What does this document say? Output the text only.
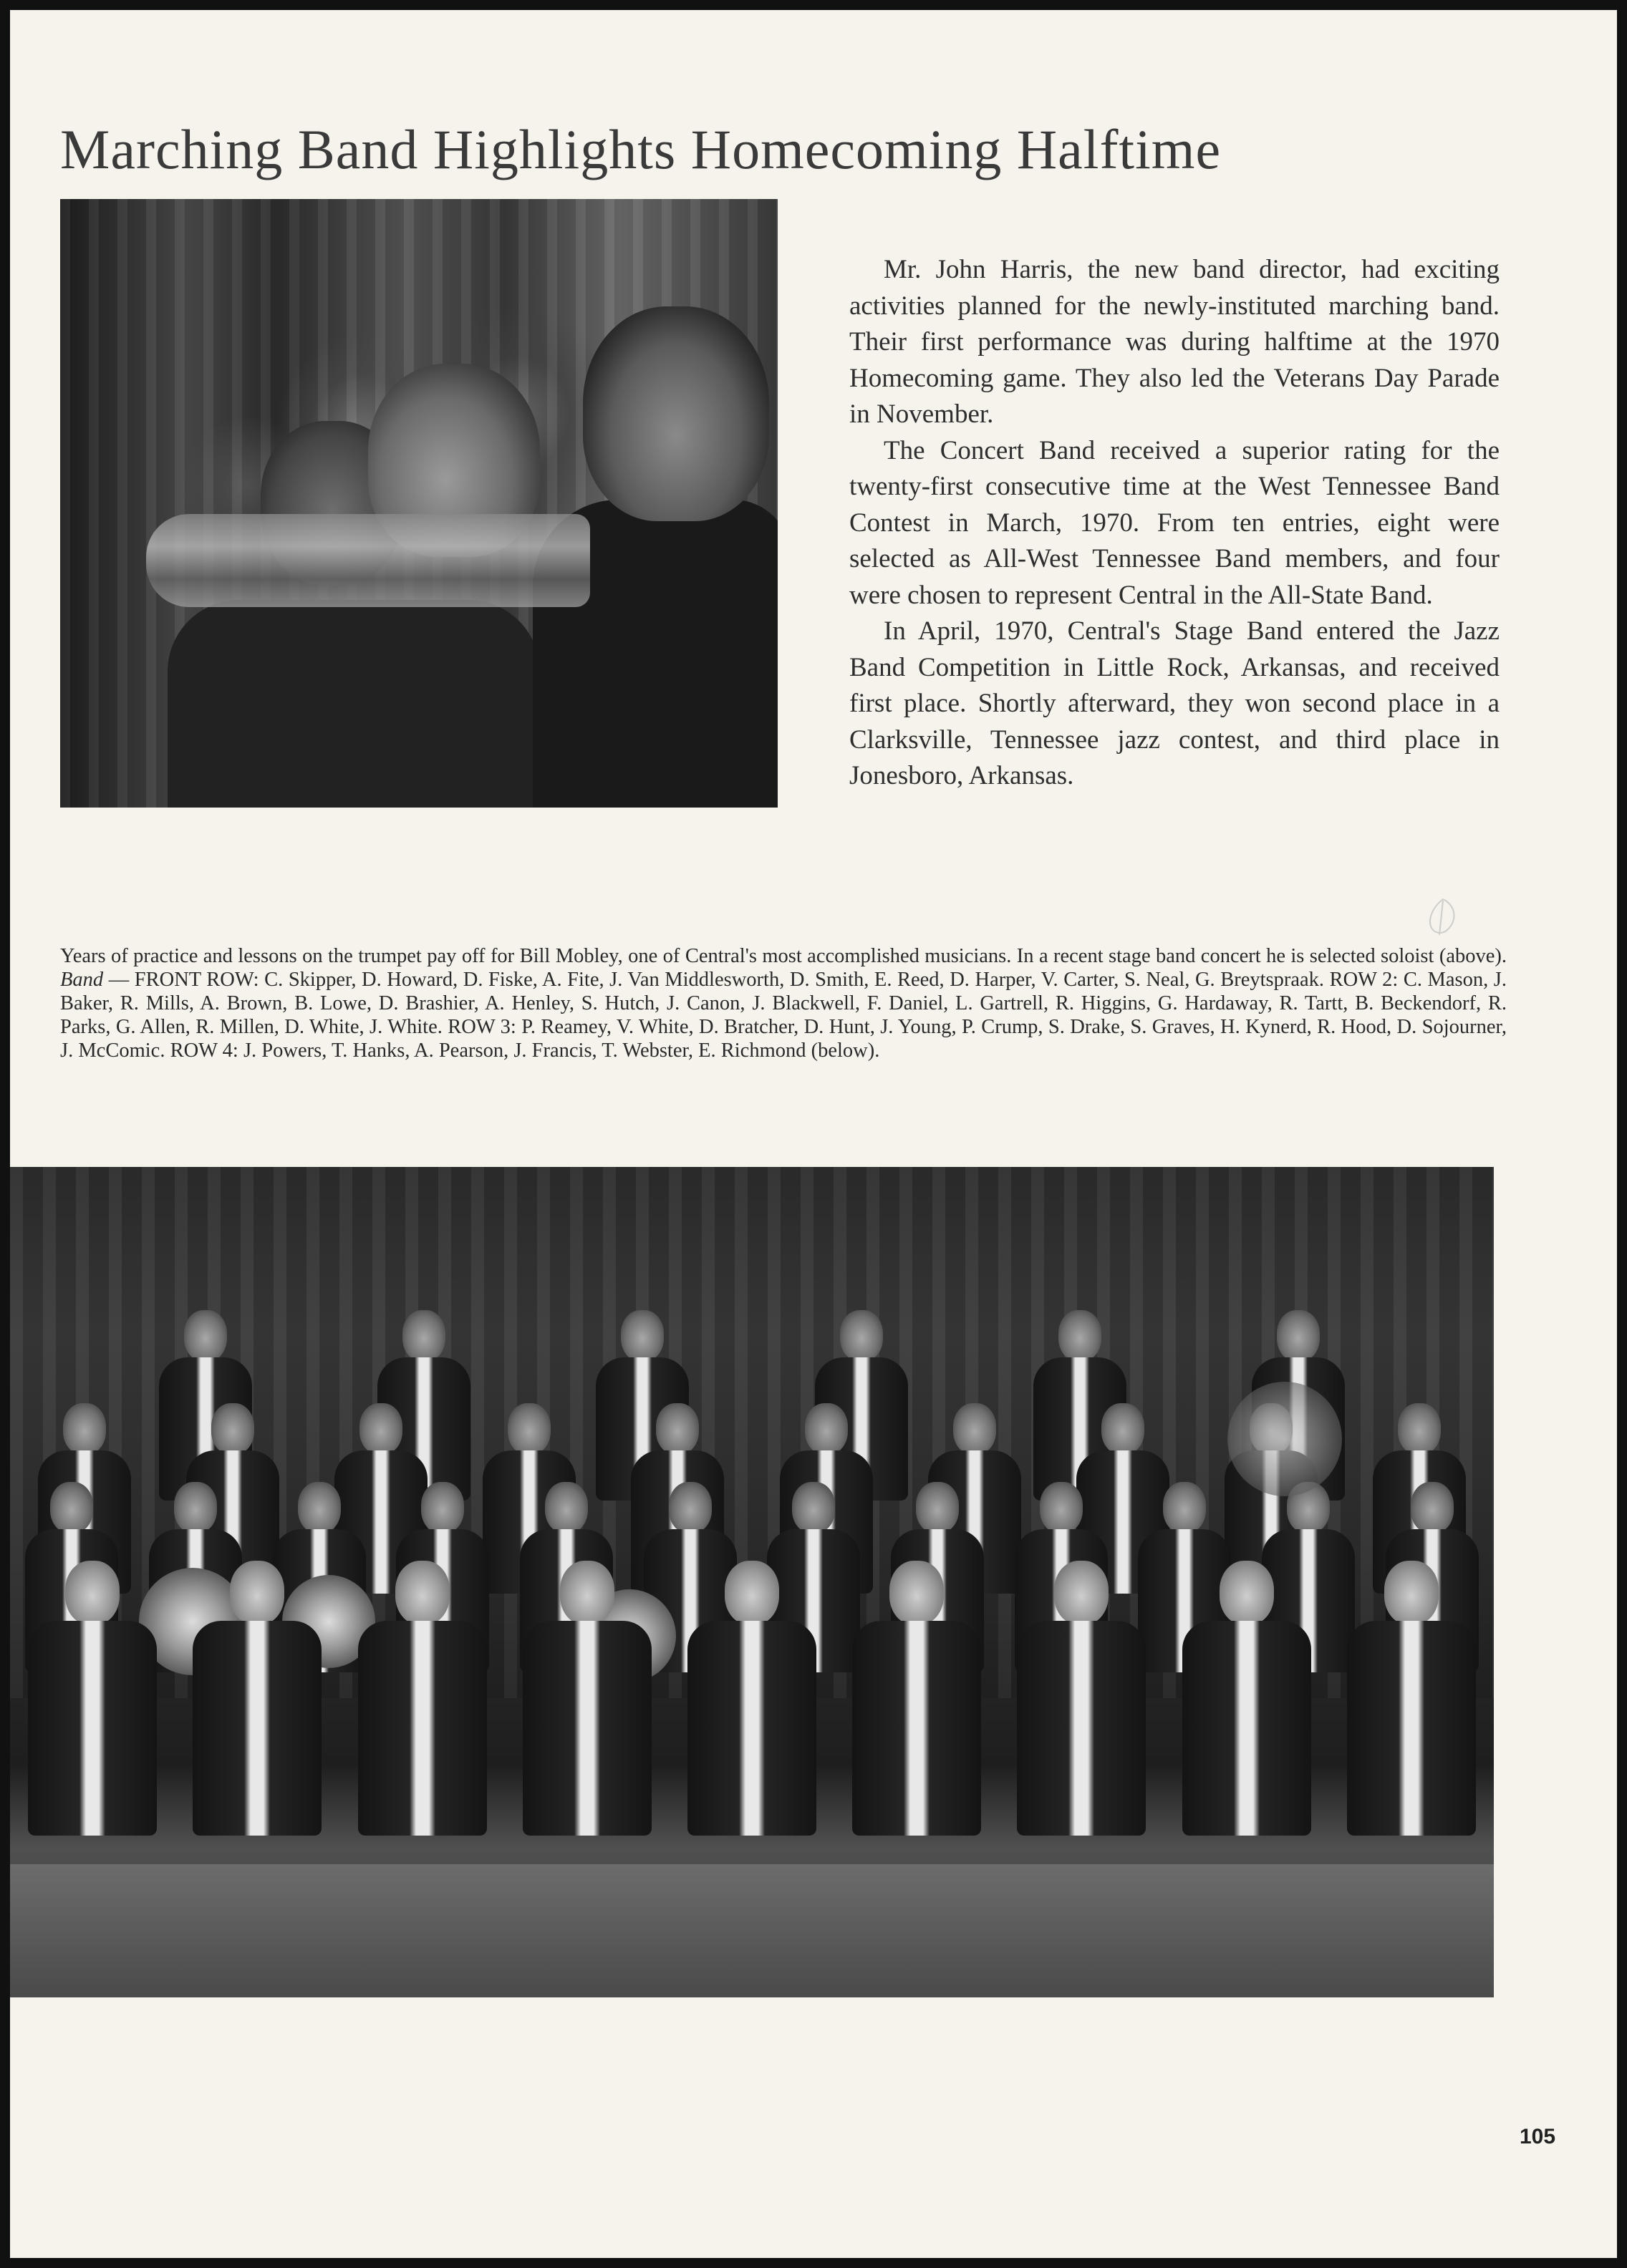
Marching Band Highlights Homecoming Halftime

Mr. John Harris, the new band director, had exciting activities planned for the newly-instituted marching band. Their first performance was during halftime at the 1970 Homecoming game. They also led the Veterans Day Parade in November.

The Concert Band received a superior rating for the twenty-first consecutive time at the West Tennessee Band Contest in March, 1970. From ten entries, eight were selected as All-West Tennessee Band members, and four were chosen to represent Central in the All-State Band.

In April, 1970, Central's Stage Band entered the Jazz Band Competition in Little Rock, Arkansas, and received first place. Shortly afterward, they won second place in a Clarksville, Tennessee jazz contest, and third place in Jonesboro, Arkansas.

Years of practice and lessons on the trumpet pay off for Bill Mobley, one of Central's most accomplished musicians. In a recent stage band concert he is selected soloist (above). Band — FRONT ROW: C. Skipper, D. Howard, D. Fiske, A. Fite, J. Van Middlesworth, D. Smith, E. Reed, D. Harper, V. Carter, S. Neal, G. Breytspraak. ROW 2: C. Mason, J. Baker, R. Mills, A. Brown, B. Lowe, D. Brashier, A. Henley, S. Hutch, J. Canon, J. Blackwell, F. Daniel, L. Gartrell, R. Higgins, G. Hardaway, R. Tartt, B. Beckendorf, R. Parks, G. Allen, R. Millen, D. White, J. White. ROW 3: P. Reamey, V. White, D. Bratcher, D. Hunt, J. Young, P. Crump, S. Drake, S. Graves, H. Kynerd, R. Hood, D. Sojourner, J. McComic. ROW 4: J. Powers, T. Hanks, A. Pearson, J. Francis, T. Webster, E. Richmond (below).
105
